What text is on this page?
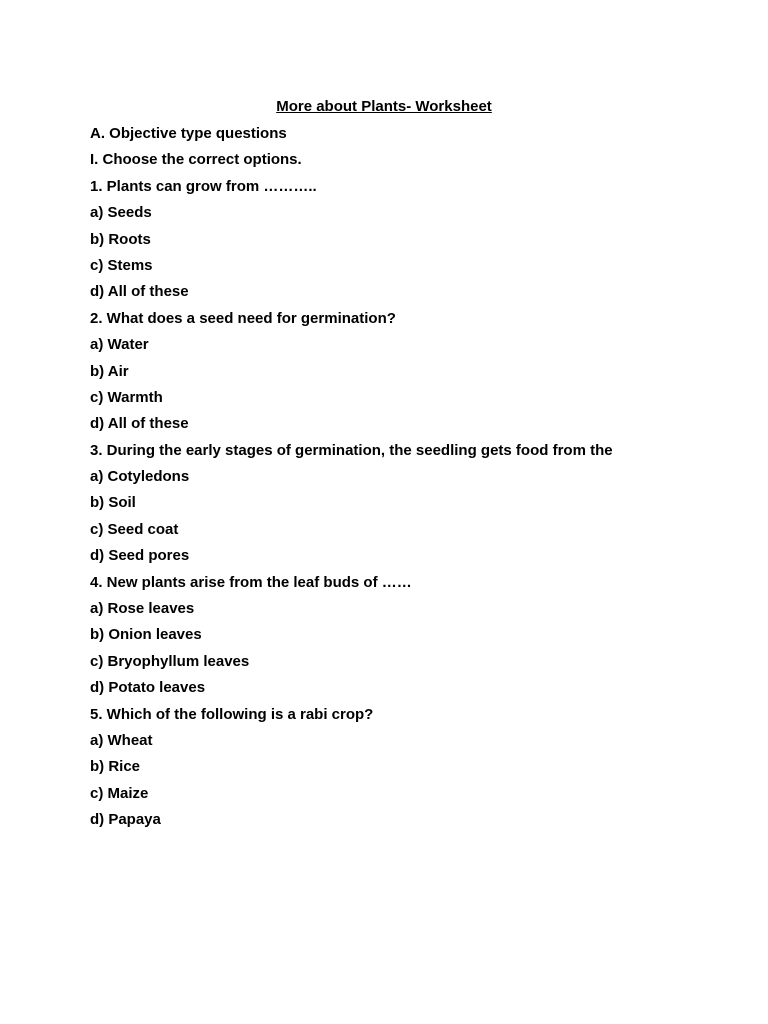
More about Plants- Worksheet
A. Objective type questions
I. Choose the correct options.
1. Plants can grow from ………..
a) Seeds
b) Roots
c) Stems
d) All of these
2. What does a seed need for germination?
a) Water
b) Air
c) Warmth
d) All of these
3. During the early stages of germination, the seedling gets food from the
a) Cotyledons
b) Soil
c) Seed coat
d) Seed pores
4. New plants arise from the leaf buds of ……
a) Rose leaves
b) Onion leaves
c) Bryophyllum leaves
d) Potato leaves
5. Which of the following is a rabi crop?
a) Wheat
b) Rice
c) Maize
d) Papaya
